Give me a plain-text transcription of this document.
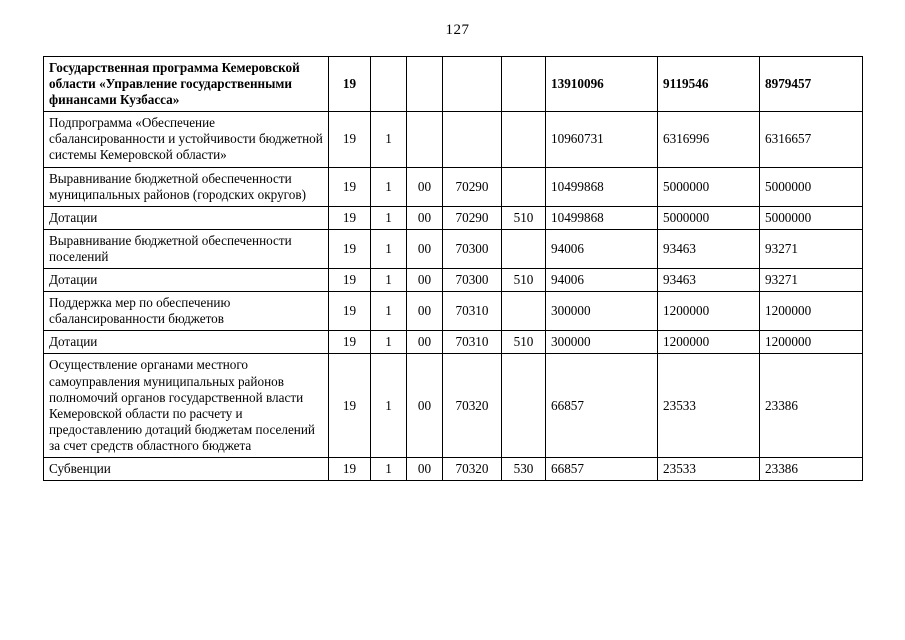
127
Государственная программа Кемеровской области «Управление государственными финансами Кузбасса»	19					13910096	9119546	8979457
Подпрограмма «Обеспечение сбалансированности и устойчивости бюджетной системы Кемеровской области»	19	1				10960731	6316996	6316657
Выравнивание бюджетной обеспеченности муниципальных районов (городских округов)	19	1	00	70290		10499868	5000000	5000000
Дотации	19	1	00	70290	510	10499868	5000000	5000000
Выравнивание бюджетной обеспеченности поселений	19	1	00	70300		94006	93463	93271
Дотации	19	1	00	70300	510	94006	93463	93271
Поддержка мер по обеспечению сбалансированности бюджетов	19	1	00	70310		300000	1200000	1200000
Дотации	19	1	00	70310	510	300000	1200000	1200000
Осуществление органами местного самоуправления муниципальных районов полномочий органов государственной власти Кемеровской области по расчету и предоставлению дотаций бюджетам поселений за счет средств областного бюджета	19	1	00	70320		66857	23533	23386
Субвенции	19	1	00	70320	530	66857	23533	23386
